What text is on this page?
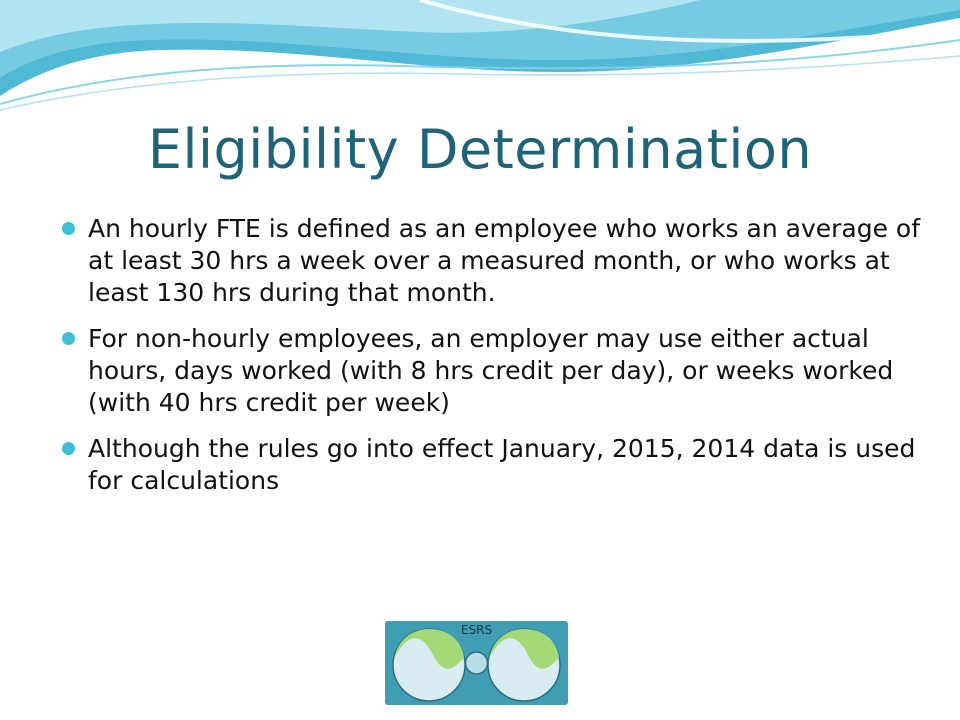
Eligibility Determination
An hourly FTE is defined as an employee who works an average of at least 30 hrs a week over a measured month, or who works at least 130 hrs during that month.
For non-hourly employees, an employer may use either actual hours, days worked (with 8 hrs credit per day), or weeks worked (with 40 hrs credit per week)
Although the rules go into effect January, 2015, 2014 data is used for calculations
ESRS
